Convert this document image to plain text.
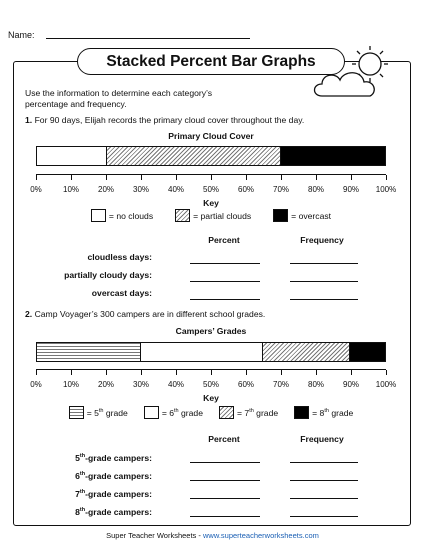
Name:
Stacked Percent Bar Graphs
Use the information to determine each category’s
percentage and frequency.
1. For 90 days, Elijah records the primary cloud cover throughout the day.
Primary Cloud Cover
0%	10% 20% 30% 40% 50% 60% 70% 80% 90% 100%
Key
= no clouds	= partial clouds	= overcast
Percent	Frequency
cloudless days:
partially cloudy days:
overcast days:
2. Camp Voyager’s 300 campers are in different school grades.
Campers’ Grades
0%	10% 20% 30% 40% 50% 60% 70% 80% 90% 100%
Key
= 5th grade	= 6th grade	= 7th grade	= 8th grade
Percent	Frequency
5th-grade campers:
6th-grade campers:
7th-grade campers:
8th-grade campers:
Super Teacher Worksheets - www.superteacherworksheets.com
